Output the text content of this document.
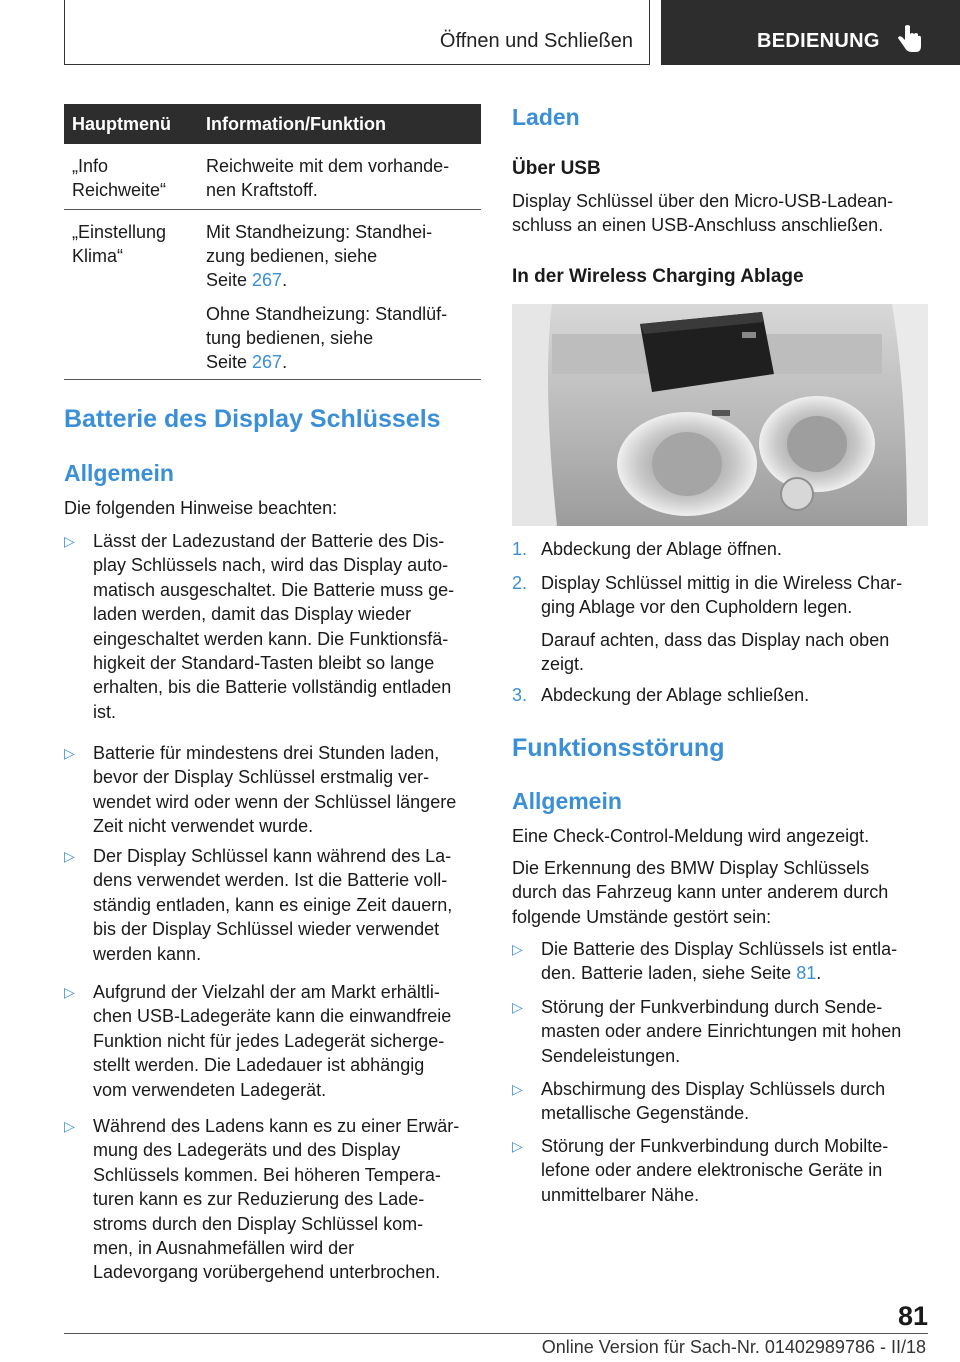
Öffnen und Schließen	BEDIENUNG
Hauptmenü Information/Funktion
„Info
Reichweite“
Reichweite mit dem vorhande-
nen Kraftstoff.
„Einstellung
Klima“
Mit Standheizung: Standhei-
zung bedienen, siehe
Seite 267.
Ohne Standheizung: Standlüf-
tung bedienen, siehe
Seite 267.
Batterie des Display Schlüssels
Allgemein
Die folgenden Hinweise beachten:
▷ Lässt der Ladezustand der Batterie des Dis-
play Schlüssels nach, wird das Display auto-
matisch ausgeschaltet. Die Batterie muss ge-
laden werden, damit das Display wieder
eingeschaltet werden kann. Die Funktionsfä-
higkeit der Standard-Tasten bleibt so lange
erhalten, bis die Batterie vollständig entladen
ist.
▷ Batterie für mindestens drei Stunden laden,
bevor der Display Schlüssel erstmalig ver-
wendet wird oder wenn der Schlüssel längere
Zeit nicht verwendet wurde.
▷ Der Display Schlüssel kann während des La-
dens verwendet werden. Ist die Batterie voll-
ständig entladen, kann es einige Zeit dauern,
bis der Display Schlüssel wieder verwendet
werden kann.
▷ Aufgrund der Vielzahl der am Markt erhältli-
chen USB-Ladegeräte kann die einwandfreie
Funktion nicht für jedes Ladegerät sicherge-
stellt werden. Die Ladedauer ist abhängig
vom verwendeten Ladegerät.
▷ Während des Ladens kann es zu einer Erwär-
mung des Ladegeräts und des Display
Schlüssels kommen. Bei höheren Tempera-
turen kann es zur Reduzierung des Lade-
stroms durch den Display Schlüssel kom-
men, in Ausnahmefällen wird der
Ladevorgang vorübergehend unterbrochen.
Laden
Über USB
Display Schlüssel über den Micro-USB-Ladean-
schluss an einen USB-Anschluss anschließen.
In der Wireless Charging Ablage
1. Abdeckung der Ablage öffnen.
2. Display Schlüssel mittig in die Wireless Char-
ging Ablage vor den Cupholdern legen.
Darauf achten, dass das Display nach oben
zeigt.
3. Abdeckung der Ablage schließen.
Funktionsstörung
Allgemein
Eine Check-Control-Meldung wird angezeigt.
Die Erkennung des BMW Display Schlüssels
durch das Fahrzeug kann unter anderem durch
folgende Umstände gestört sein:
▷ Die Batterie des Display Schlüssels ist entla-
den. Batterie laden, siehe Seite 81.
▷ Störung der Funkverbindung durch Sende-
masten oder andere Einrichtungen mit hohen
Sendeleistungen.
▷ Abschirmung des Display Schlüssels durch
metallische Gegenstände.
▷ Störung der Funkverbindung durch Mobilte-
lefone oder andere elektronische Geräte in
unmittelbarer Nähe.
81
Online Version für Sach-Nr. 01402989786 - II/18
